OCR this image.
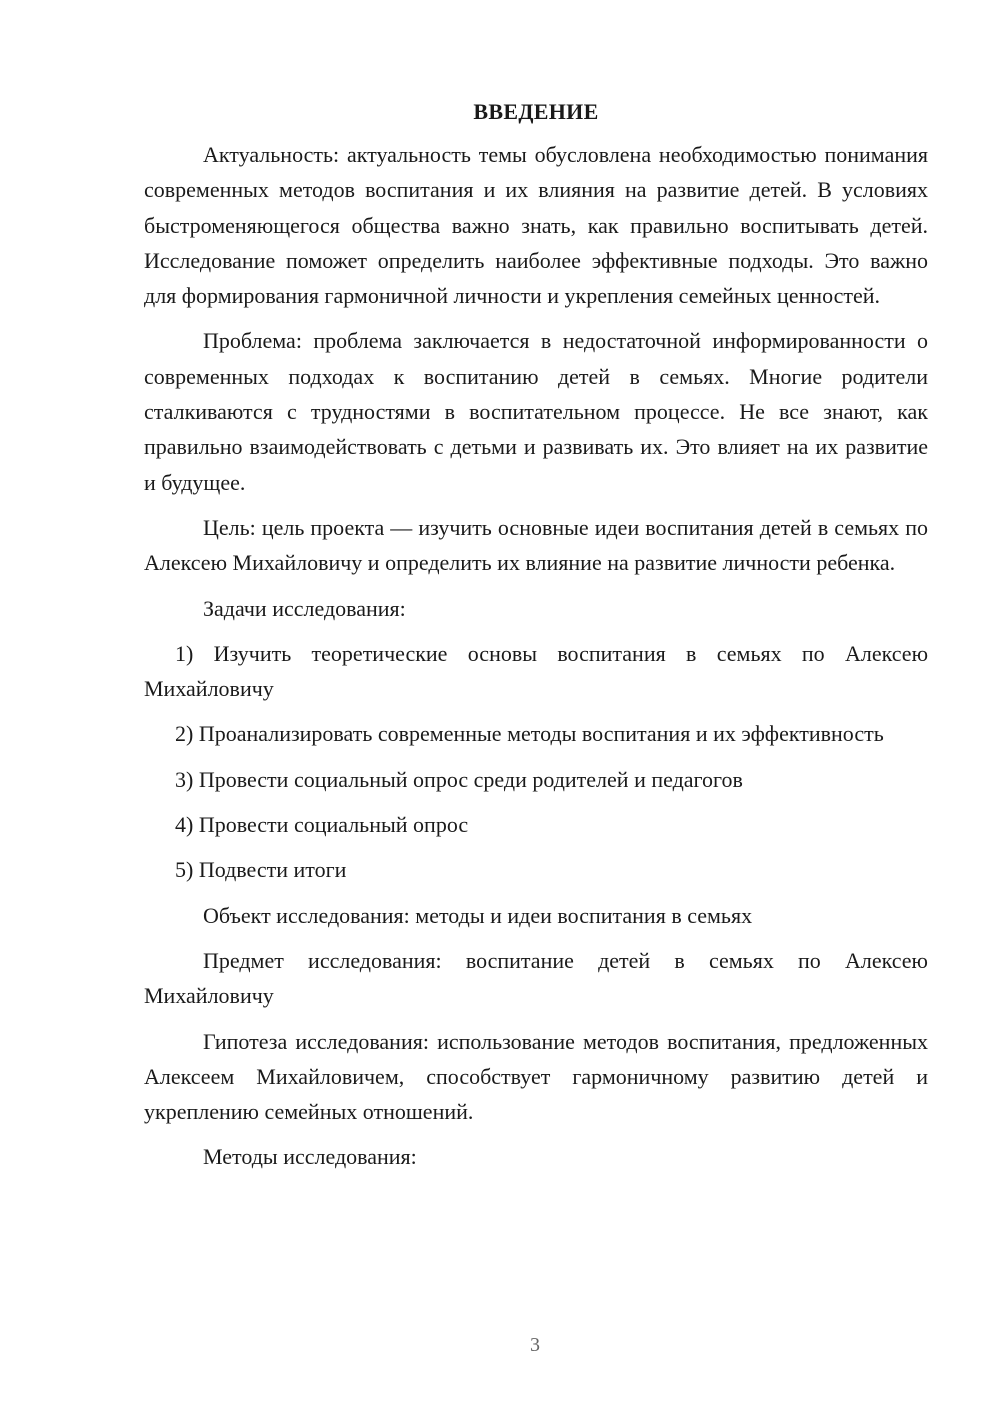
ВВЕДЕНИЕ

Актуальность: актуальность темы обусловлена необходимостью понимания современных методов воспитания и их влияния на развитие детей. В условиях быстроменяющегося общества важно знать, как правильно воспитывать детей. Исследование поможет определить наиболее эффективные подходы. Это важно для формирования гармоничной личности и укрепления семейных ценностей.

Проблема: проблема заключается в недостаточной информированности о современных подходах к воспитанию детей в семьях. Многие родители сталкиваются с трудностями в воспитательном процессе. Не все знают, как правильно взаимодействовать с детьми и развивать их. Это влияет на их развитие и будущее.

Цель: цель проекта — изучить основные идеи воспитания детей в семьях по Алексею Михайловичу и определить их влияние на развитие личности ребенка.

Задачи исследования:

1) Изучить теоретические основы воспитания в семьях по Алексею Михайловичу

2) Проанализировать современные методы воспитания и их эффективность

3) Провести социальный опрос среди родителей и педагогов

4) Провести социальный опрос

5) Подвести итоги

Объект исследования: методы и идеи воспитания в семьях

Предмет исследования: воспитание детей в семьях по Алексею Михайловичу

Гипотеза исследования: использование методов воспитания, предложенных Алексеем Михайловичем, способствует гармоничному развитию детей и укреплению семейных отношений.

Методы исследования:

3
